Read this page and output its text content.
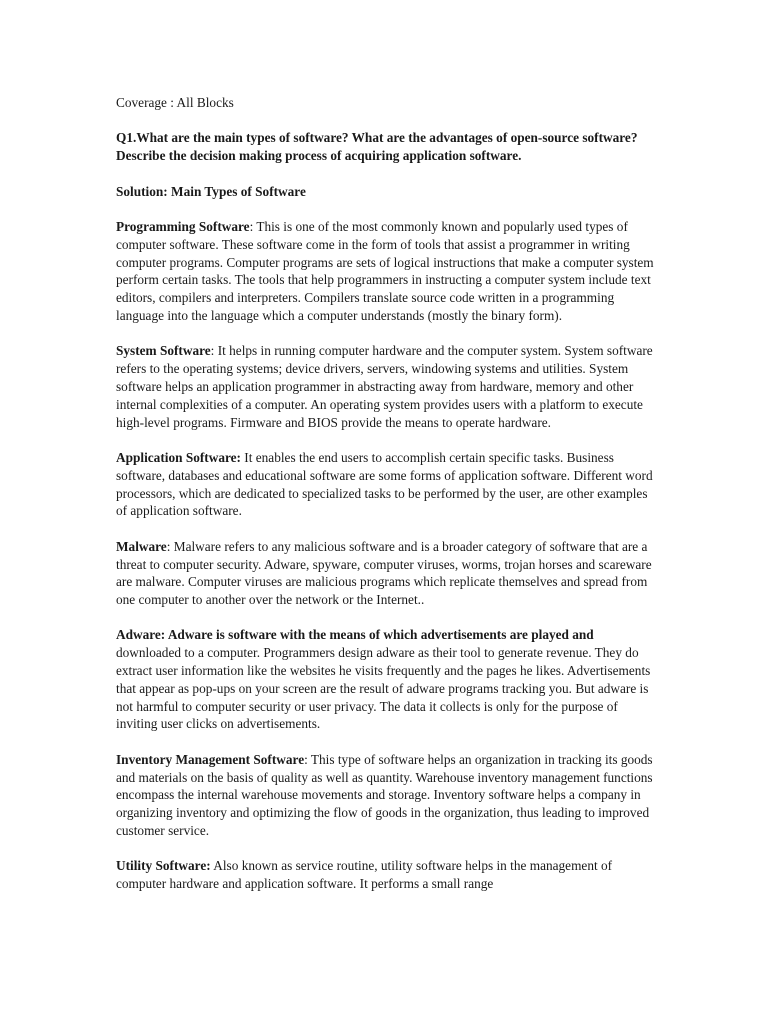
Coverage : All Blocks

Q1.What are the main types of software? What are the advantages of open-source software? Describe the decision making process of acquiring application software.

Solution: Main Types of Software

Programming Software: This is one of the most commonly known and popularly used types of computer software. These software come in the form of tools that assist a programmer in writing computer programs. Computer programs are sets of logical instructions that make a computer system perform certain tasks. The tools that help programmers in instructing a computer system include text editors, compilers and interpreters. Compilers translate source code written in a programming language into the language which a computer understands (mostly the binary form).

System Software: It helps in running computer hardware and the computer system. System software refers to the operating systems; device drivers, servers, windowing systems and utilities. System software helps an application programmer in abstracting away from hardware, memory and other internal complexities of a computer. An operating system provides users with a platform to execute high-level programs. Firmware and BIOS provide the means to operate hardware.

Application Software: It enables the end users to accomplish certain specific tasks. Business software, databases and educational software are some forms of application software. Different word processors, which are dedicated to specialized tasks to be performed by the user, are other examples of application software.

Malware: Malware refers to any malicious software and is a broader category of software that are a threat to computer security. Adware, spyware, computer viruses, worms, trojan horses and scareware are malware. Computer viruses are malicious programs which replicate themselves and spread from one computer to another over the network or the Internet..

Adware: Adware is software with the means of which advertisements are played and downloaded to a computer. Programmers design adware as their tool to generate revenue. They do extract user information like the websites he visits frequently and the pages he likes. Advertisements that appear as pop-ups on your screen are the result of adware programs tracking you. But adware is not harmful to computer security or user privacy. The data it collects is only for the purpose of inviting user clicks on advertisements.

Inventory Management Software: This type of software helps an organization in tracking its goods and materials on the basis of quality as well as quantity. Warehouse inventory management functions encompass the internal warehouse movements and storage. Inventory software helps a company in organizing inventory and optimizing the flow of goods in the organization, thus leading to improved customer service.

Utility Software: Also known as service routine, utility software helps in the management of computer hardware and application software. It performs a small range
